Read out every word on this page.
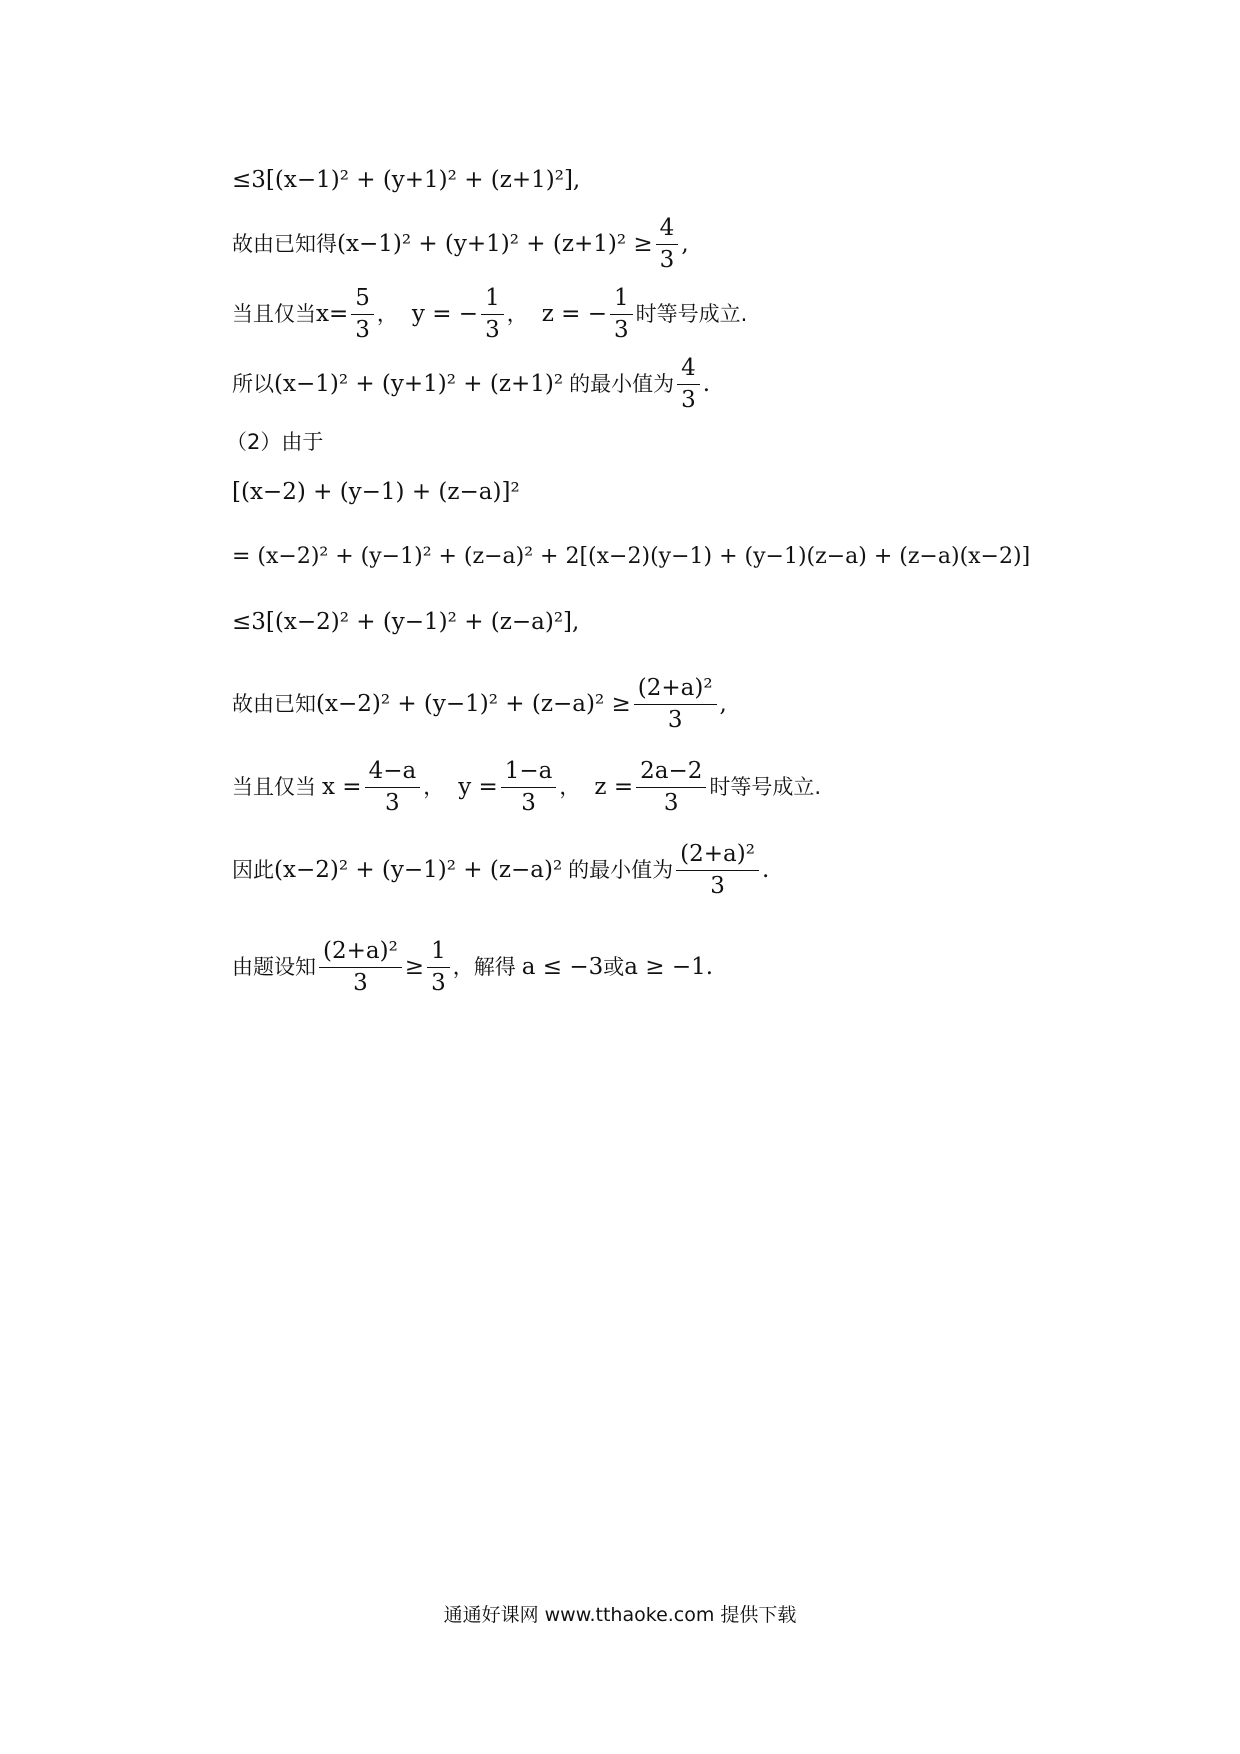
≤3[(x−1)² + (y+1)² + (z+1)²],
故由已知得 $(x-1)^2 + (y+1)^2 + (z+1)^2 \ge \frac{4}{3}$ ,
当且仅当 $x= \frac{5}{3}$ ， y = − $\frac{1}{3}$ ， z = − $\frac{1}{3}$ 时等号成立.
所以 (x−1)² + (y+1)² + (z+1)² 的最小值为 $\frac{4}{3}$ .
（2）由于
[(x−2) + (y−1) + (z−a)]²
= (x−2)² + (y−1)² + (z−a)² + 2[(x−2)(y−1) + (y−1)(z−a) + (z−a)(x−2)]
≤3[(x−2)² + (y−1)² + (z−a)²],
故由已知 $(x-2)^2 + (y-1)^2 + (z-a)^2 \ge \frac{\text{(2+a)²}}{3}$ ,
当且仅当 $x = \frac{4-a}{3}$ ， $y = \frac{1-a}{3}$ ， $z = \frac{2a-2}{3}$ 时等号成立.
因此 (x−2)² + (y−1)² + (z−a)² 的最小值为 $\frac{\text{(2+a)²}}{3}$ .
由题设知 $\frac{\text{(2+a)²}}{3} \ge \frac{1}{3}$ ，解得 a ≤ −3 或 a ≥ −1 .
通通好课网 www.tthaoke.com 提供下载
